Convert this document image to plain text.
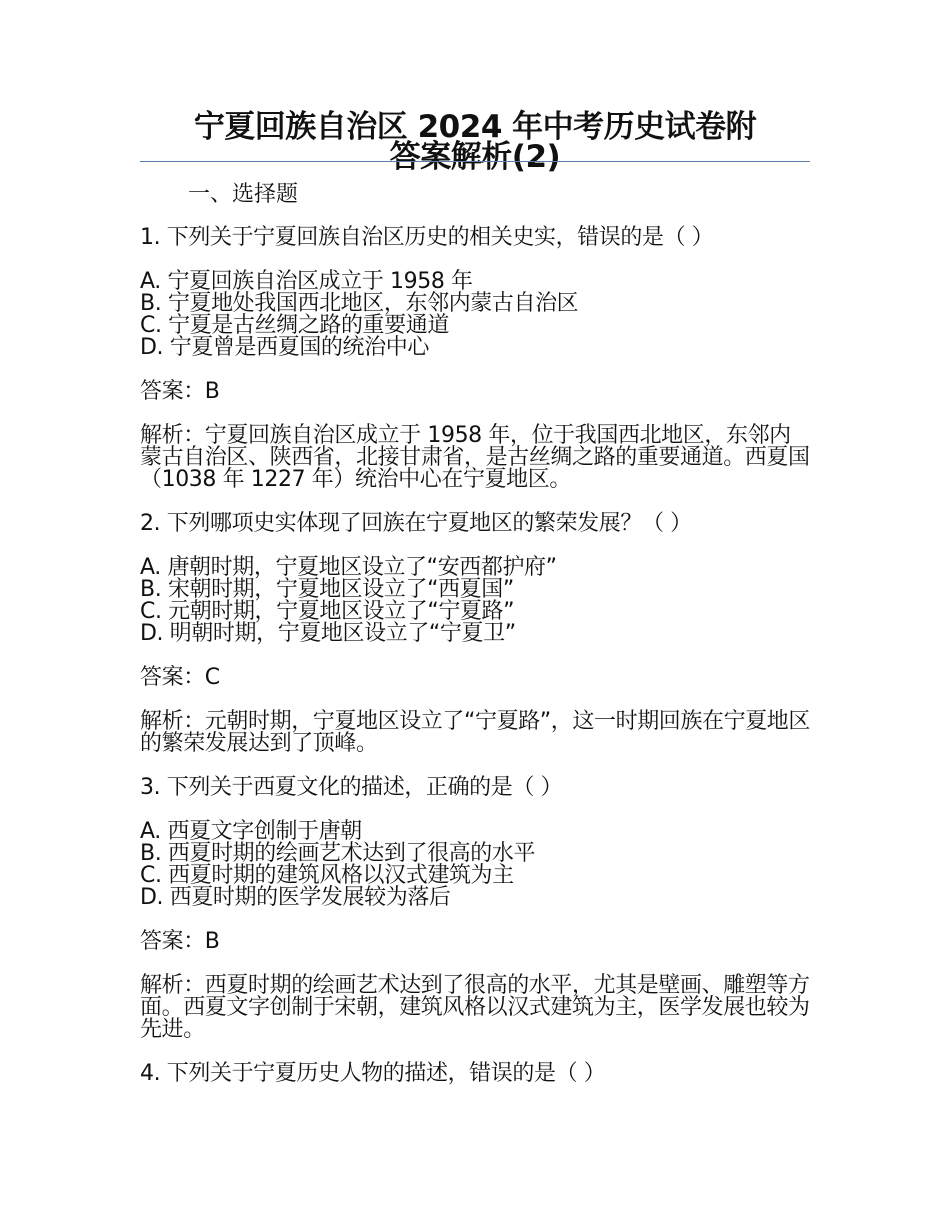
宁夏回族自治区 2024 年中考历史试卷附
答案解析(2)
一、选择题

1. 下列关于宁夏回族自治区历史的相关史实，错误的是（ ）

A. 宁夏回族自治区成立于 1958 年
B. 宁夏地处我国西北地区，东邻内蒙古自治区
C. 宁夏是古丝绸之路的重要通道
D. 宁夏曾是西夏国的统治中心

答案：B

解析：宁夏回族自治区成立于 1958 年，位于我国西北地区，东邻内蒙古自治区、陕西省，北接甘肃省，是古丝绸之路的重要通道。西夏国（1038 年 1227 年）统治中心在宁夏地区。

2. 下列哪项史实体现了回族在宁夏地区的繁荣发展？（ ）

A. 唐朝时期，宁夏地区设立了“安西都护府”
B. 宋朝时期，宁夏地区设立了“西夏国”
C. 元朝时期，宁夏地区设立了“宁夏路”
D. 明朝时期，宁夏地区设立了“宁夏卫”

答案：C

解析：元朝时期，宁夏地区设立了“宁夏路”，这一时期回族在宁夏地区的繁荣发展达到了顶峰。

3. 下列关于西夏文化的描述，正确的是（ ）

A. 西夏文字创制于唐朝
B. 西夏时期的绘画艺术达到了很高的水平
C. 西夏时期的建筑风格以汉式建筑为主
D. 西夏时期的医学发展较为落后

答案：B

解析：西夏时期的绘画艺术达到了很高的水平，尤其是壁画、雕塑等方面。西夏文字创制于宋朝，建筑风格以汉式建筑为主，医学发展也较为先进。

4. 下列关于宁夏历史人物的描述，错误的是（ ）
